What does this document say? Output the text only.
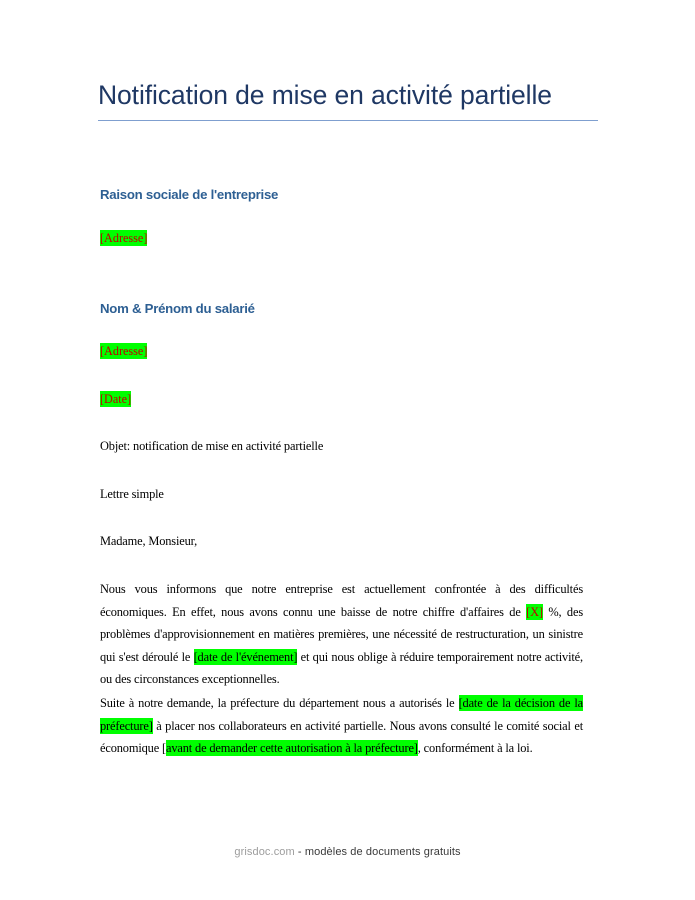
Notification de mise en activité partielle
Raison sociale de l'entreprise
[Adresse]
Nom & Prénom du salarié
[Adresse]
[Date]
Objet: notification de mise en activité partielle
Lettre simple
Madame, Monsieur,
Nous vous informons que notre entreprise est actuellement confrontée à des difficultés économiques. En effet, nous avons connu une baisse de notre chiffre d'affaires de [X] %, des problèmes d'approvisionnement en matières premières, une nécessité de restructuration, un sinistre qui s'est déroulé le [date de l'événement] et qui nous oblige à réduire temporairement notre activité, ou des circonstances exceptionnelles.
Suite à notre demande, la préfecture du département nous a autorisés le [date de la décision de la préfecture] à placer nos collaborateurs en activité partielle. Nous avons consulté le comité social et économique [avant de demander cette autorisation à la préfecture], conformément à la loi.
grisdoc.com - modèles de documents gratuits
